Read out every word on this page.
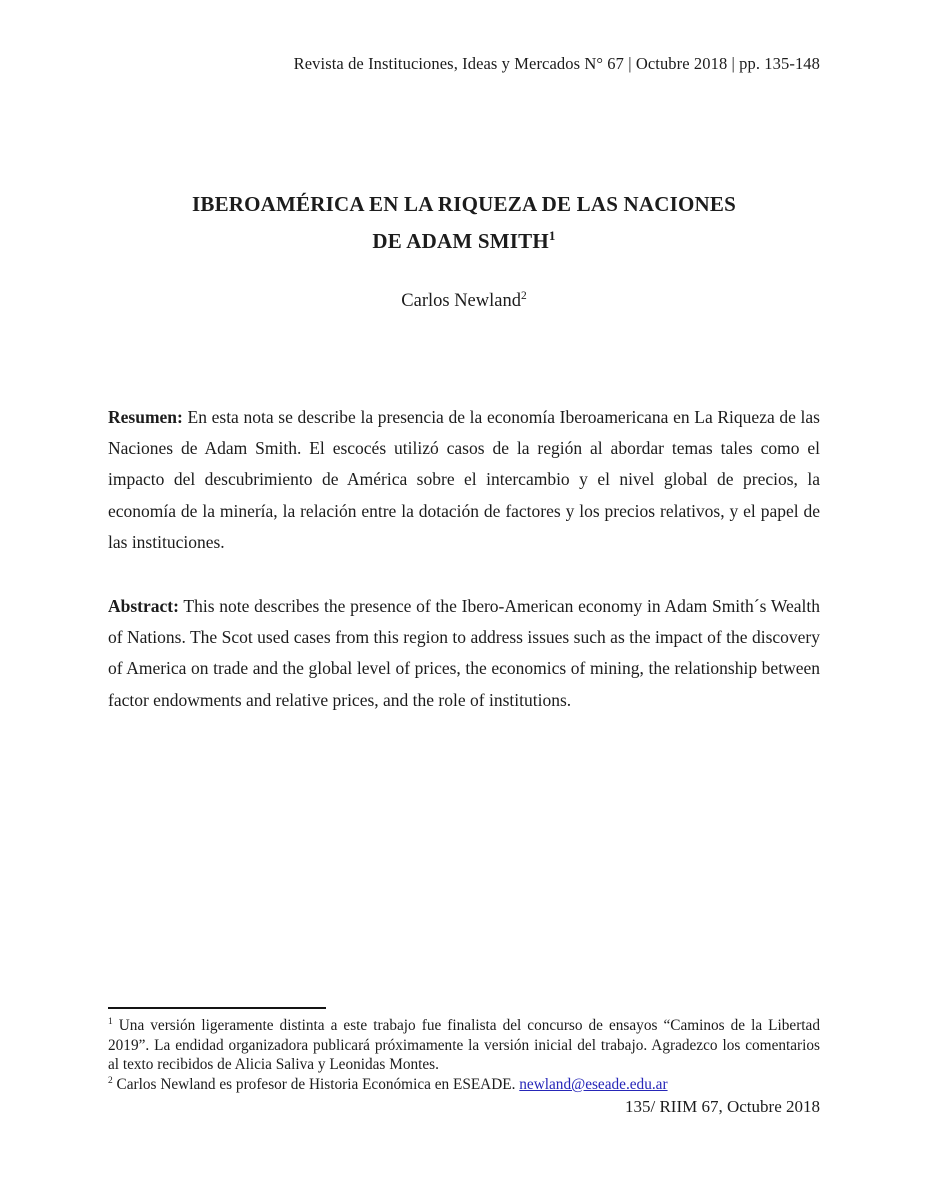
Revista de Instituciones, Ideas y Mercados N° 67 | Octubre 2018 | pp. 135-148
IBEROAMÉRICA EN LA RIQUEZA DE LAS NACIONES
DE ADAM SMITH$^1$
Carlos Newland$^2$

Resumen: En esta nota se describe la presencia de la economía Iberoamericana en La Riqueza de las Naciones de Adam Smith. El escocés utilizó casos de la región al abordar temas tales como el impacto del descubrimiento de América sobre el intercambio y el nivel global de precios, la economía de la minería, la relación entre la dotación de factores y los precios relativos, y el papel de las instituciones.

Abstract: This note describes the presence of the Ibero-American economy in Adam Smith´s Wealth of Nations. The Scot used cases from this region to address issues such as the impact of the discovery of America on trade and the global level of prices, the economics of mining, the relationship between factor endowments and relative prices, and the role of institutions.

$^1$ Una versión ligeramente distinta a este trabajo fue finalista del concurso de ensayos “Caminos de la Libertad 2019”. La endidad organizadora publicará próximamente la versión inicial del trabajo. Agradezco los comentarios al texto recibidos de Alicia Saliva y Leonidas Montes.

$^2$ Carlos Newland es profesor de Historia Económica en ESEADE. newland@eseade.edu.ar

135/ RIIM 67, Octubre 2018
